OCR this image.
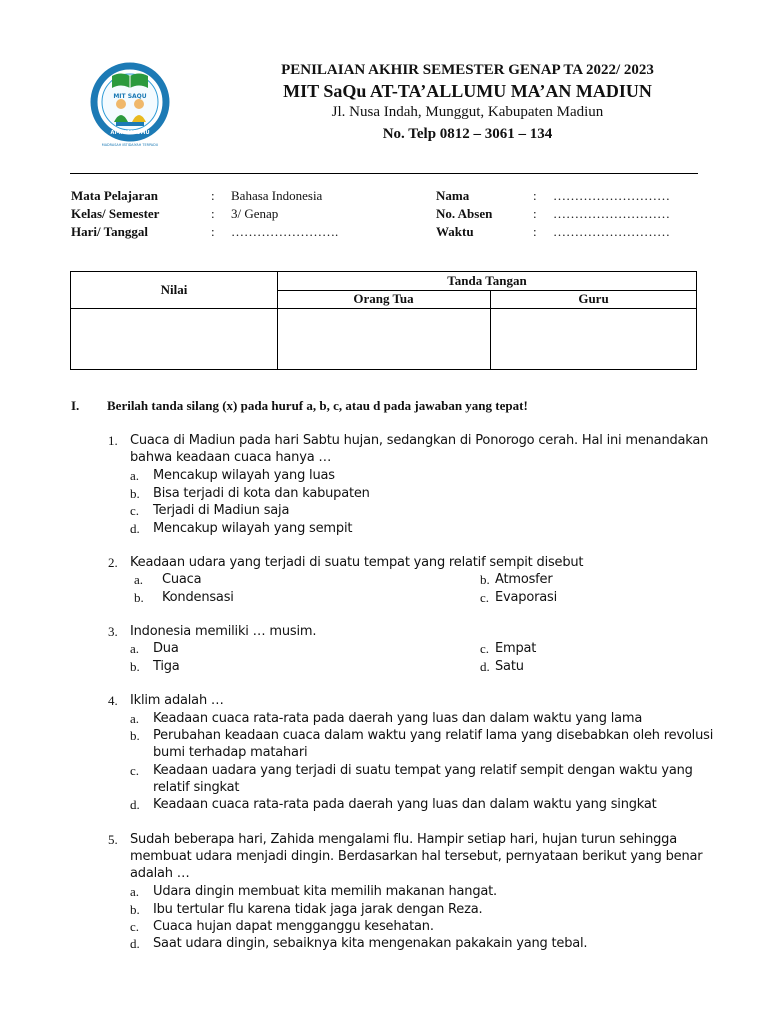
MIT SAQU
AT-TA'ALLUMU
MADRASAH IBTIDAIYAH TERPADU
PENILAIAN AKHIR SEMESTER GENAP TA 2022/ 2023
MIT SaQu AT-TA’ALLUMU MA’AN MADIUN
Jl. Nusa Indah, Munggut, Kabupaten Madiun
No. Telp 0812 – 3061 – 134
Mata Pelajaran	: Bahasa Indonesia
Kelas/ Semester	: 3/ Genap
Hari/ Tanggal	: …………………….
Nama	: ………………………
No. Absen	: ………………………
Waktu	: ………………………
Nilai
Tanda Tangan
Orang Tua	Guru
I. Berilah tanda silang (x) pada huruf a, b, c, atau d pada jawaban yang tepat!
1. Cuaca di Madiun pada hari Sabtu hujan, sedangkan di Ponorogo cerah. Hal ini menandakan
bahwa keadaan cuaca hanya …
a. Mencakup wilayah yang luas
b. Bisa terjadi di kota dan kabupaten
c. Terjadi di Madiun saja
d. Mencakup wilayah yang sempit
2. Keadaan udara yang terjadi di suatu tempat yang relatif sempit disebut
a. Cuaca	b. Atmosfer
b. Kondensasi	c. Evaporasi
3. Indonesia memiliki … musim.
a. Dua	c. Empat
b. Tiga	d. Satu
4. Iklim adalah …
a. Keadaan cuaca rata-rata pada daerah yang luas dan dalam waktu yang lama
b. Perubahan keadaan cuaca dalam waktu yang relatif lama yang disebabkan oleh revolusi
bumi terhadap matahari
c. Keadaan uadara yang terjadi di suatu tempat yang relatif sempit dengan waktu yang
relatif singkat
d. Keadaan cuaca rata-rata pada daerah yang luas dan dalam waktu yang singkat
5. Sudah beberapa hari, Zahida mengalami flu. Hampir setiap hari, hujan turun sehingga
membuat udara menjadi dingin. Berdasarkan hal tersebut, pernyataan berikut yang benar
adalah …
a. Udara dingin membuat kita memilih makanan hangat.
b. Ibu tertular flu karena tidak jaga jarak dengan Reza.
c. Cuaca hujan dapat mengganggu kesehatan.
d. Saat udara dingin, sebaiknya kita mengenakan pakakain yang tebal.
